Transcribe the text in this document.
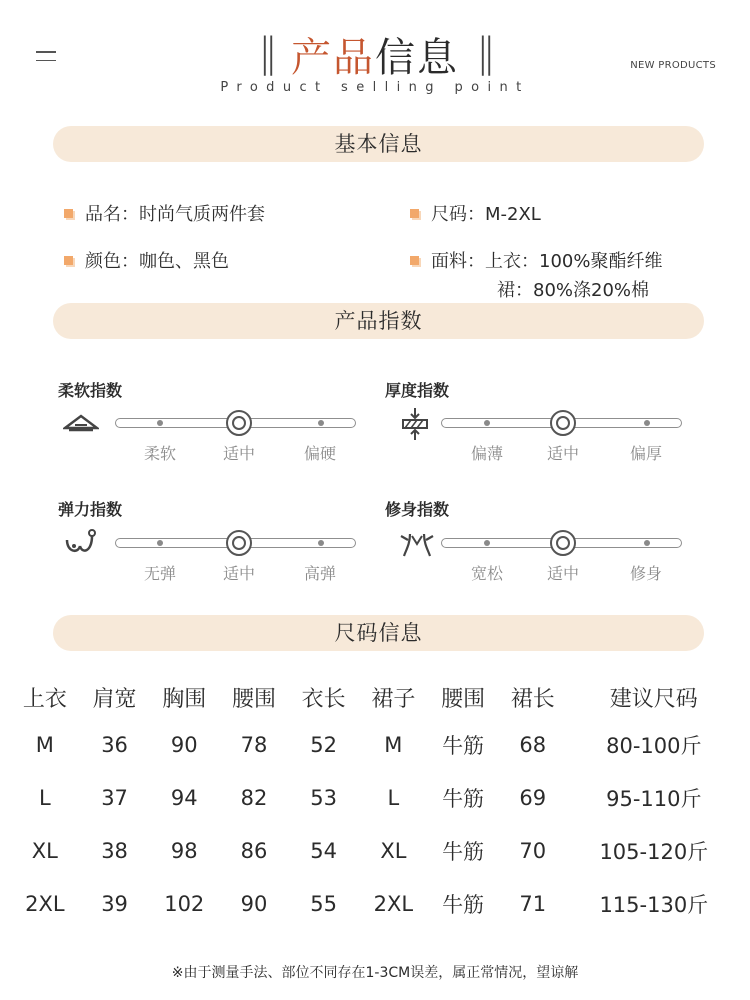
‖	‖
产品信息
Product selling point
NEW PRODUCTS
基本信息
品名：时尚气质两件套	尺码：M-2XL
颜色：咖色、黑色	面料：上衣：100%聚酯纤维
裙：80%涤20%棉
产品指数
柔软指数
柔软	适中	偏硬
厚度指数
偏薄	适中	偏厚
弹力指数
无弹	适中	高弹
修身指数
宽松	适中	修身
尺码信息
上衣	肩宽	胸围	腰围	衣长	裙子	腰围	裙长	建议尺码
M	36	90	78	52	M	牛筋	68	80-100斤
L	37	94	82	53	L	牛筋	69	95-110斤
XL	38	98	86	54	XL	牛筋	70	105-120斤
2XL	39	102	90	55	2XL	牛筋	71	115-130斤
※由于测量手法、部位不同存在1-3CM误差，属正常情况，望谅解
